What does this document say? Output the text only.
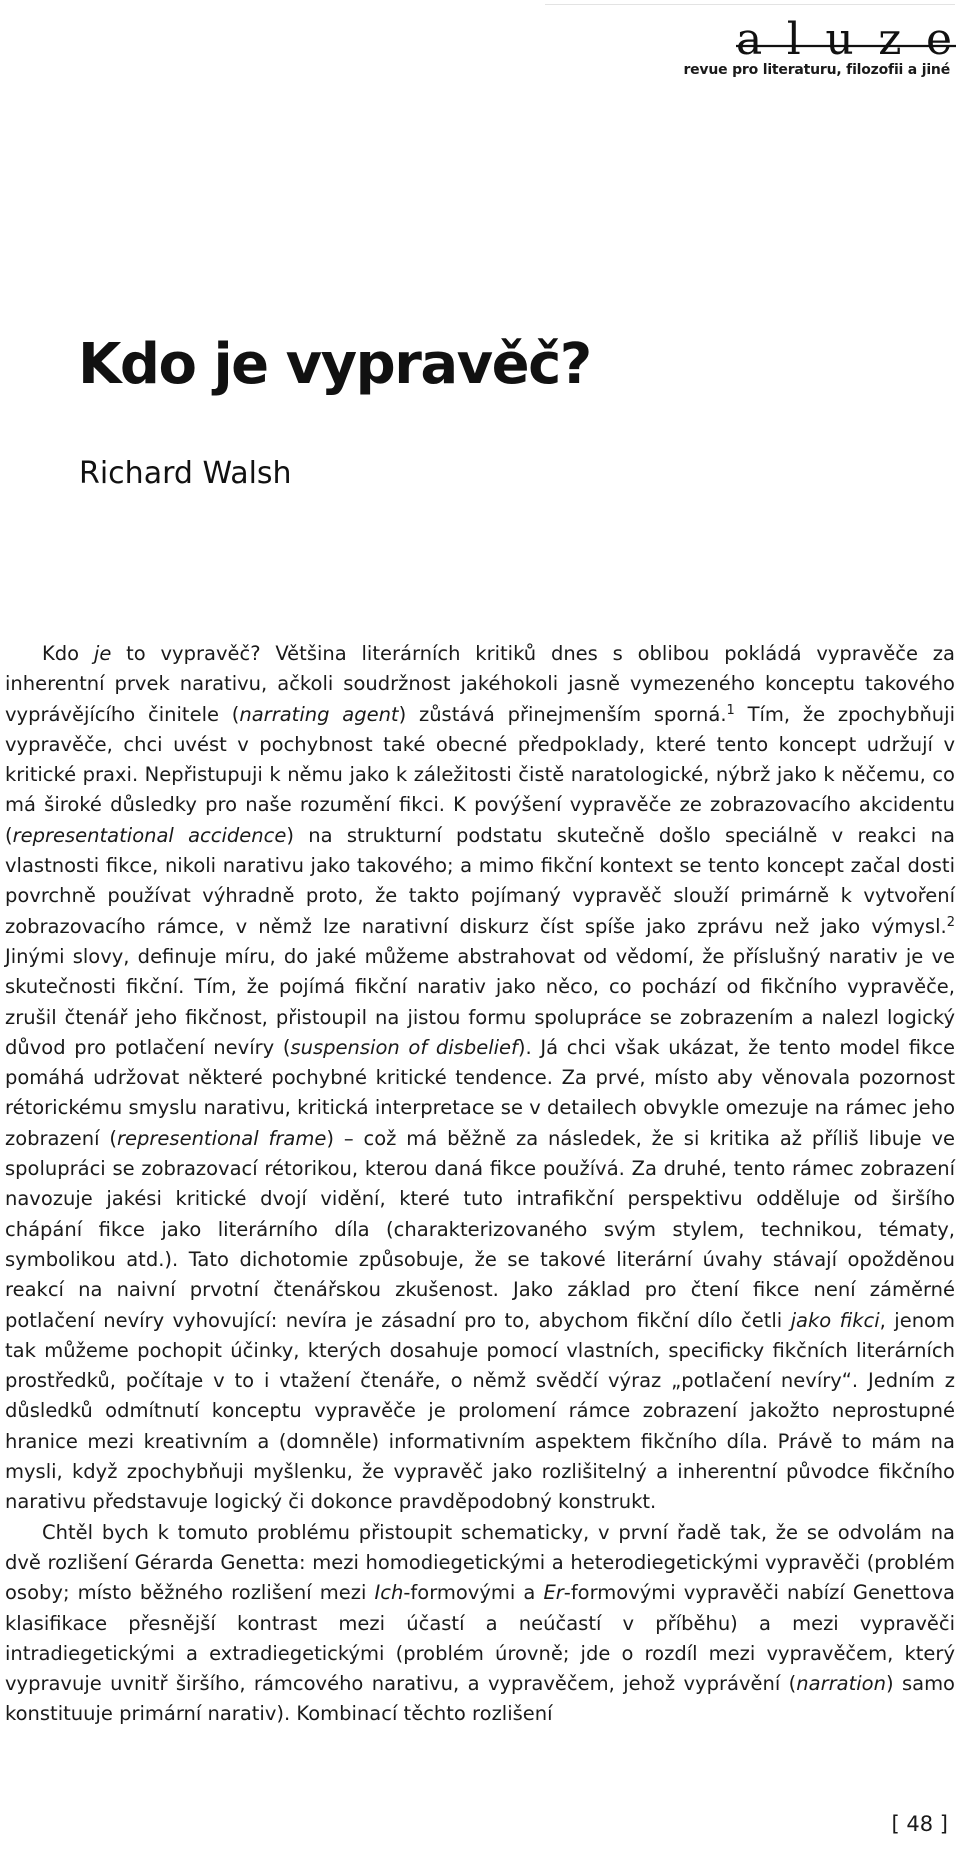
a l u z e
revue pro literaturu, filozofii a jiné
Kdo je vypravěč?
Richard Walsh

Kdo je to vypravěč? Většina literárních kritiků dnes s oblibou pokládá vypravěče za inherentní prvek narativu, ačkoli soudržnost jakéhokoli jasně vymezeného konceptu takového vyprávějícího činitele (narrating agent) zůstává přinejmenším sporná.$^1$ Tím, že zpochybňuji vypravěče, chci uvést v pochybnost také obecné předpoklady, které tento koncept udržují v kritické praxi. Nepřistupuji k němu jako k záležitosti čistě naratologické, nýbrž jako k něčemu, co má široké důsledky pro naše rozumění fikci. K povýšení vypravěče ze zobrazovacího akcidentu (representational accidence) na strukturní podstatu skutečně došlo speciálně v reakci na vlastnosti fikce, nikoli narativu jako takového; a mimo fikční kontext se tento koncept začal dosti povrchně používat výhradně proto, že takto pojímaný vypravěč slouží primárně k vytvoření zobrazovacího rámce, v němž lze narativní diskurz číst spíše jako zprávu než jako výmysl.$^2$ Jinými slovy, definuje míru, do jaké můžeme abstrahovat od vědomí, že příslušný narativ je ve skutečnosti fikční. Tím, že pojímá fikční narativ jako něco, co pochází od fikčního vypravěče, zrušil čtenář jeho fikčnost, přistoupil na jistou formu spolupráce se zobrazením a nalezl logický důvod pro potlačení nevíry (suspension of disbelief). Já chci však ukázat, že tento model fikce pomáhá udržovat některé pochybné kritické tendence. Za prvé, místo aby věnovala pozornost rétorickému smyslu narativu, kritická interpretace se v detailech obvykle omezuje na rámec jeho zobrazení (representional frame) – což má běžně za následek, že si kritika až příliš libuje ve spolupráci se zobrazovací rétorikou, kterou daná fikce používá. Za druhé, tento rámec zobrazení navozuje jakési kritické dvojí vidění, které tuto intrafikční perspektivu odděluje od širšího chápání fikce jako literárního díla (charakterizovaného svým stylem, technikou, tématy, symbolikou atd.). Tato dichotomie způsobuje, že se takové literární úvahy stávají opožděnou reakcí na naivní prvotní čtenářskou zkušenost. Jako základ pro čtení fikce není záměrné potlačení nevíry vyhovující: nevíra je zásadní pro to, abychom fikční dílo četli jako fikci, jenom tak můžeme pochopit účinky, kterých dosahuje pomocí vlastních, specificky fikčních literárních prostředků, počítaje v to i vtažení čtenáře, o němž svědčí výraz „potlačení nevíry“. Jedním z důsledků odmítnutí konceptu vypravěče je prolomení rámce zobrazení jakožto neprostupné hranice mezi kreativním a (domněle) informativním aspektem fikčního díla. Právě to mám na mysli, když zpochybňuji myšlenku, že vypravěč jako rozlišitelný a inherentní původce fikčního narativu představuje logický či dokonce pravděpodobný konstrukt.

Chtěl bych k tomuto problému přistoupit schematicky, v první řadě tak, že se odvolám na dvě rozlišení Gérarda Genetta: mezi homodiegetickými a heterodiegetickými vypravěči (problém osoby; místo běžného rozlišení mezi Ich-formovými a Er-formovými vypravěči nabízí Genettova klasifikace přesnější kontrast mezi účastí a neúčastí v příběhu) a mezi vypravěči intradiegetickými a extradiegetickými (problém úrovně; jde o rozdíl mezi vypravěčem, který vypravuje uvnitř širšího, rámcového narativu, a vypravěčem, jehož vyprávění (narration) samo konstituuje primární narativ). Kombinací těchto rozlišení

[ 48 ]
